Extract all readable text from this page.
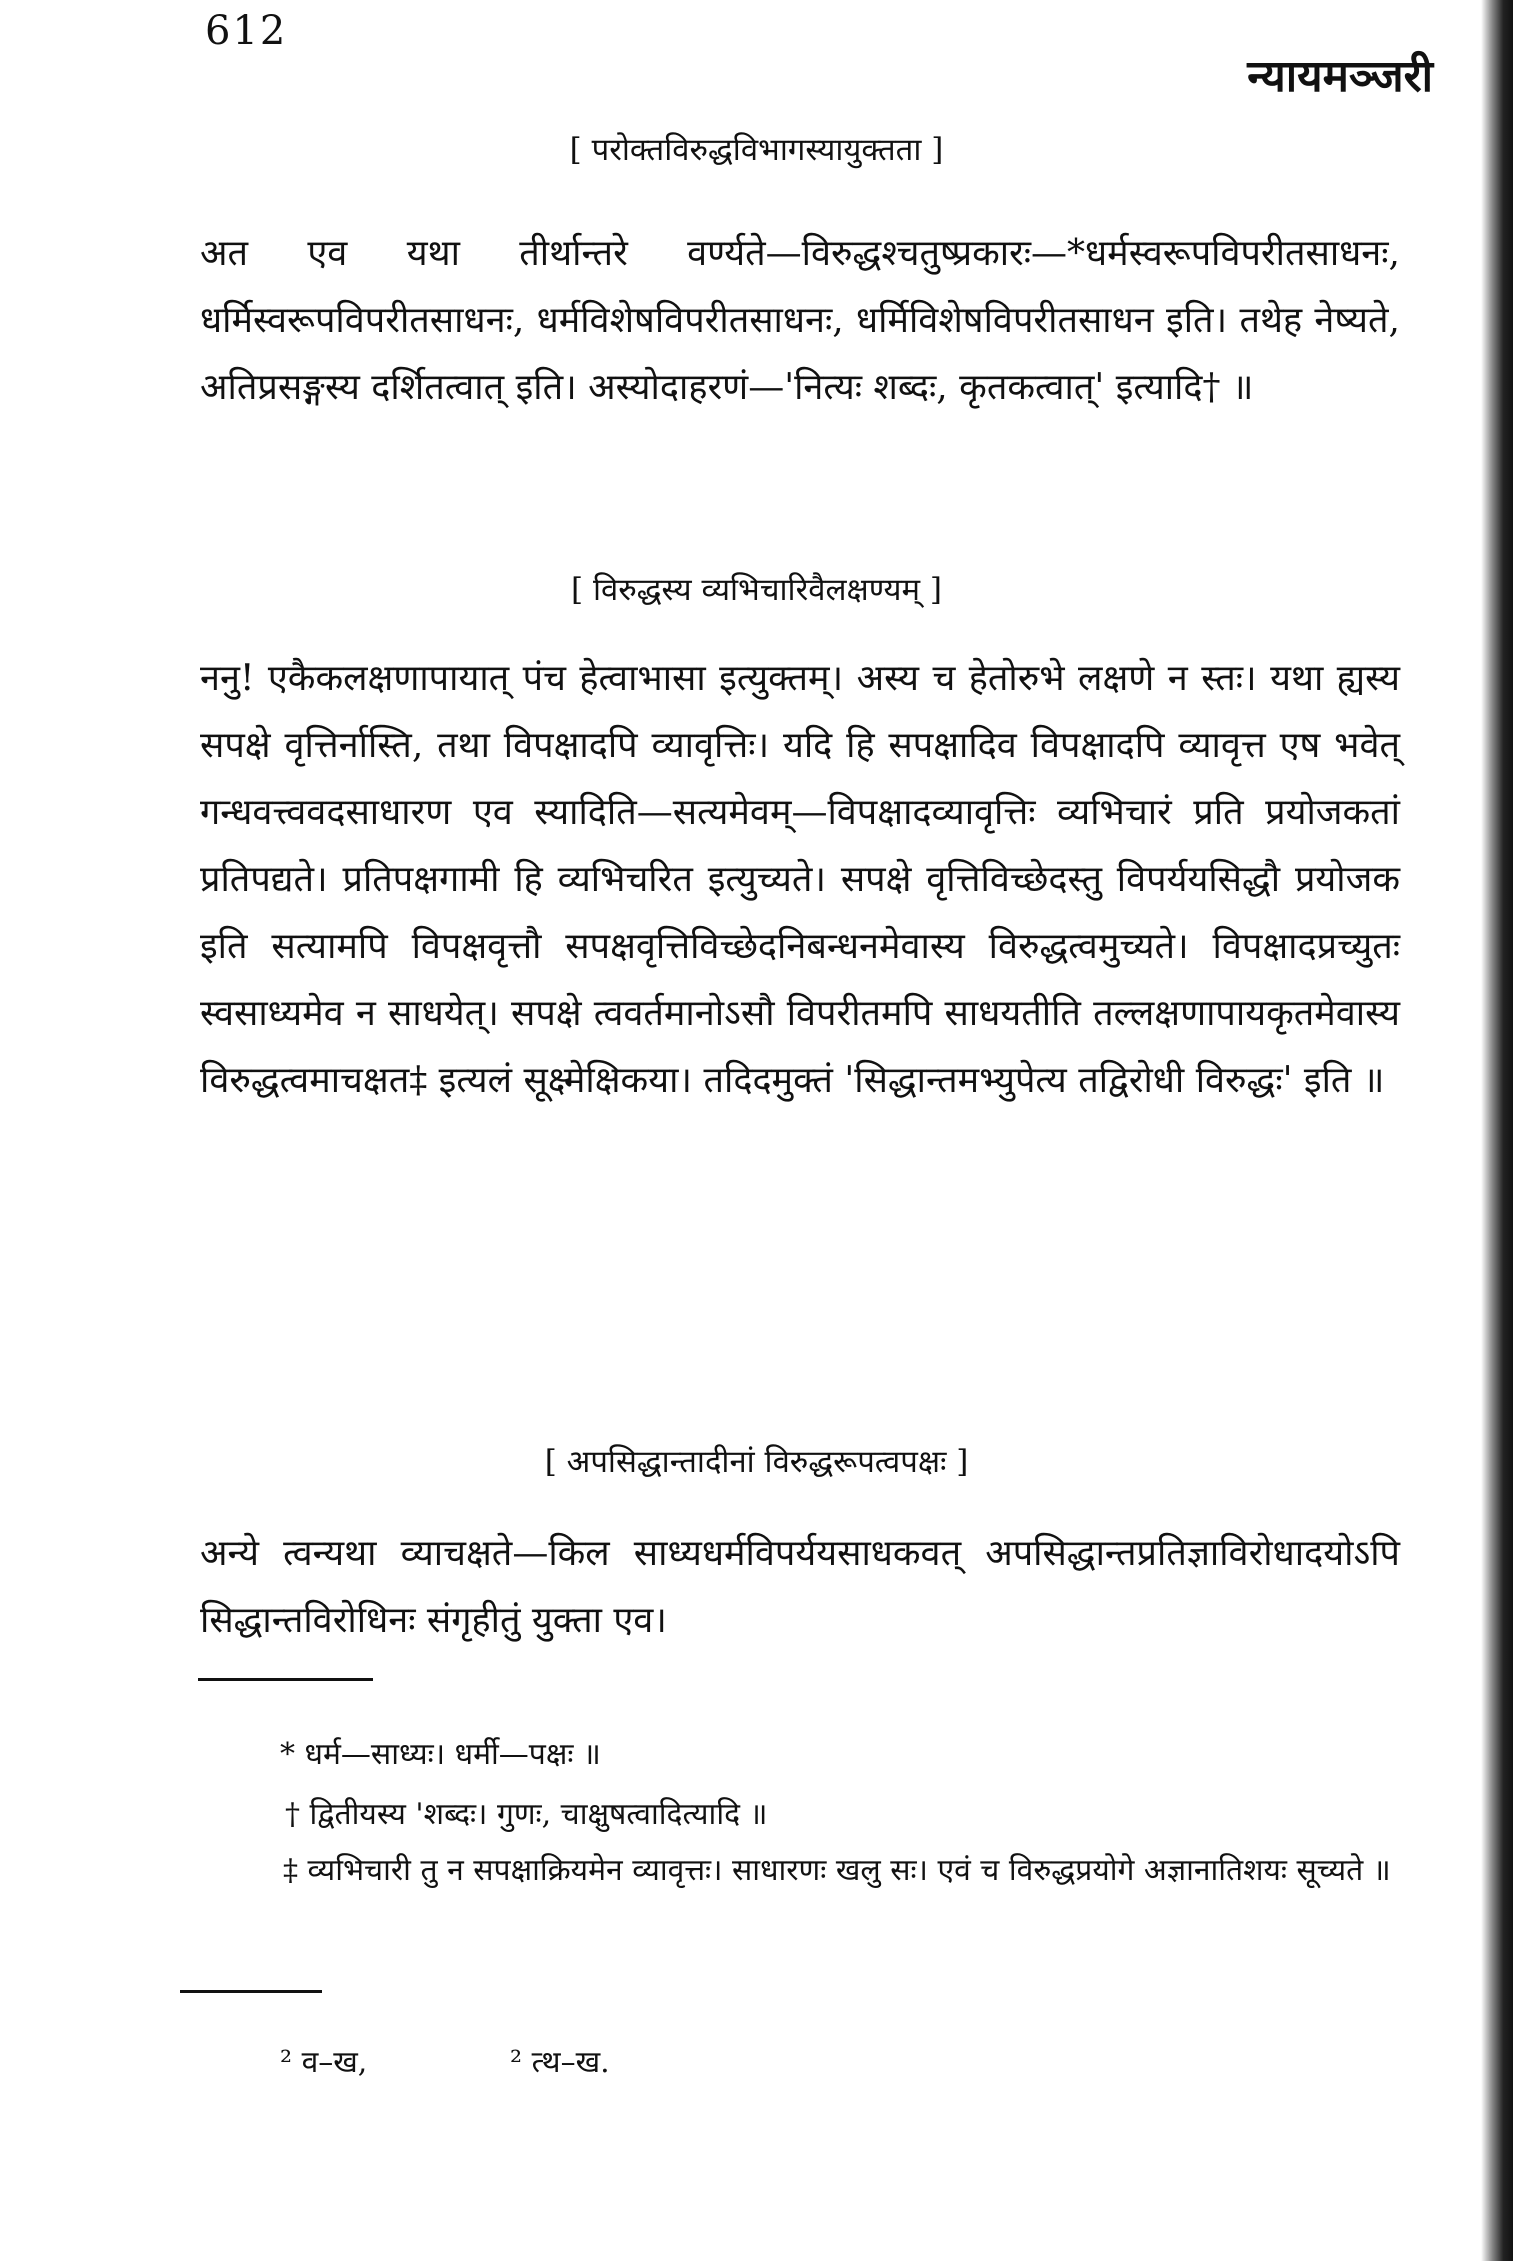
612
न्यायमञ्जरी
[ परोक्तविरुद्धविभागस्यायुक्तता ]

अत एव यथा तीर्थान्तरे वर्ण्यते—विरुद्धश्चतुष्प्रकारः—*धर्मस्वरूपविपरीतसाधनः, धर्मिस्वरूपविपरीतसाधनः, धर्मविशेषविपरीतसाधनः, धर्मिविशेषविपरीतसाधन इति। तथेह नेष्यते, अतिप्रसङ्गस्य दर्शितत्वात् इति। अस्योदाहरणं—'नित्यः शब्दः, कृतकत्वात्' इत्यादि† ॥

[ विरुद्धस्य व्यभिचारिवैलक्षण्यम् ]

ननु! एकैकलक्षणापायात् पंच हेत्वाभासा इत्युक्तम्। अस्य च हेतोरुभे लक्षणे न स्तः। यथा ह्यस्य सपक्षे वृत्तिर्नास्ति, तथा विपक्षादपि व्यावृत्तिः। यदि हि सपक्षादिव विपक्षादपि व्यावृत्त एष भवेत् गन्धवत्त्ववदसाधारण एव स्यादिति—सत्यमेवम्—विपक्षादव्यावृत्तिः व्यभिचारं प्रति प्रयोजकतां प्रतिपद्यते। प्रतिपक्षगामी हि व्यभिचरित इत्युच्यते। सपक्षे वृत्तिविच्छेदस्तु विपर्ययसिद्धौ प्रयोजक इति सत्यामपि विपक्षवृत्तौ सपक्षवृत्तिविच्छेदनिबन्धनमेवास्य विरुद्धत्वमुच्यते। विपक्षादप्रच्युतः स्वसाध्यमेव न साधयेत्। सपक्षे त्ववर्तमानोऽसौ विपरीतमपि साधयतीति तल्लक्षणापायकृतमेवास्य विरुद्धत्वमाचक्षत‡ इत्यलं सूक्ष्मेक्षिकया। तदिदमुक्तं 'सिद्धान्तमभ्युपेत्य तद्विरोधी विरुद्धः' इति ॥

[ अपसिद्धान्तादीनां विरुद्धरूपत्वपक्षः ]

अन्ये त्वन्यथा व्याचक्षते—किल साध्यधर्मविपर्ययसाधकवत् अपसिद्धान्तप्रतिज्ञाविरोधादयोऽपि सिद्धान्तविरोधिनः संगृहीतुं युक्ता एव।

* धर्म—साध्यः। धर्मी—पक्षः ॥
† द्वितीयस्य 'शब्दः। गुणः, चाक्षुषत्वादित्यादि ॥
‡ व्यभिचारी तु न सपक्षाक्रियमेन व्यावृत्तः। साधारणः खलु सः। एवं च विरुद्धप्रयोगे अज्ञानातिशयः सूच्यते ॥
² व–ख,	² त्थ–ख.
